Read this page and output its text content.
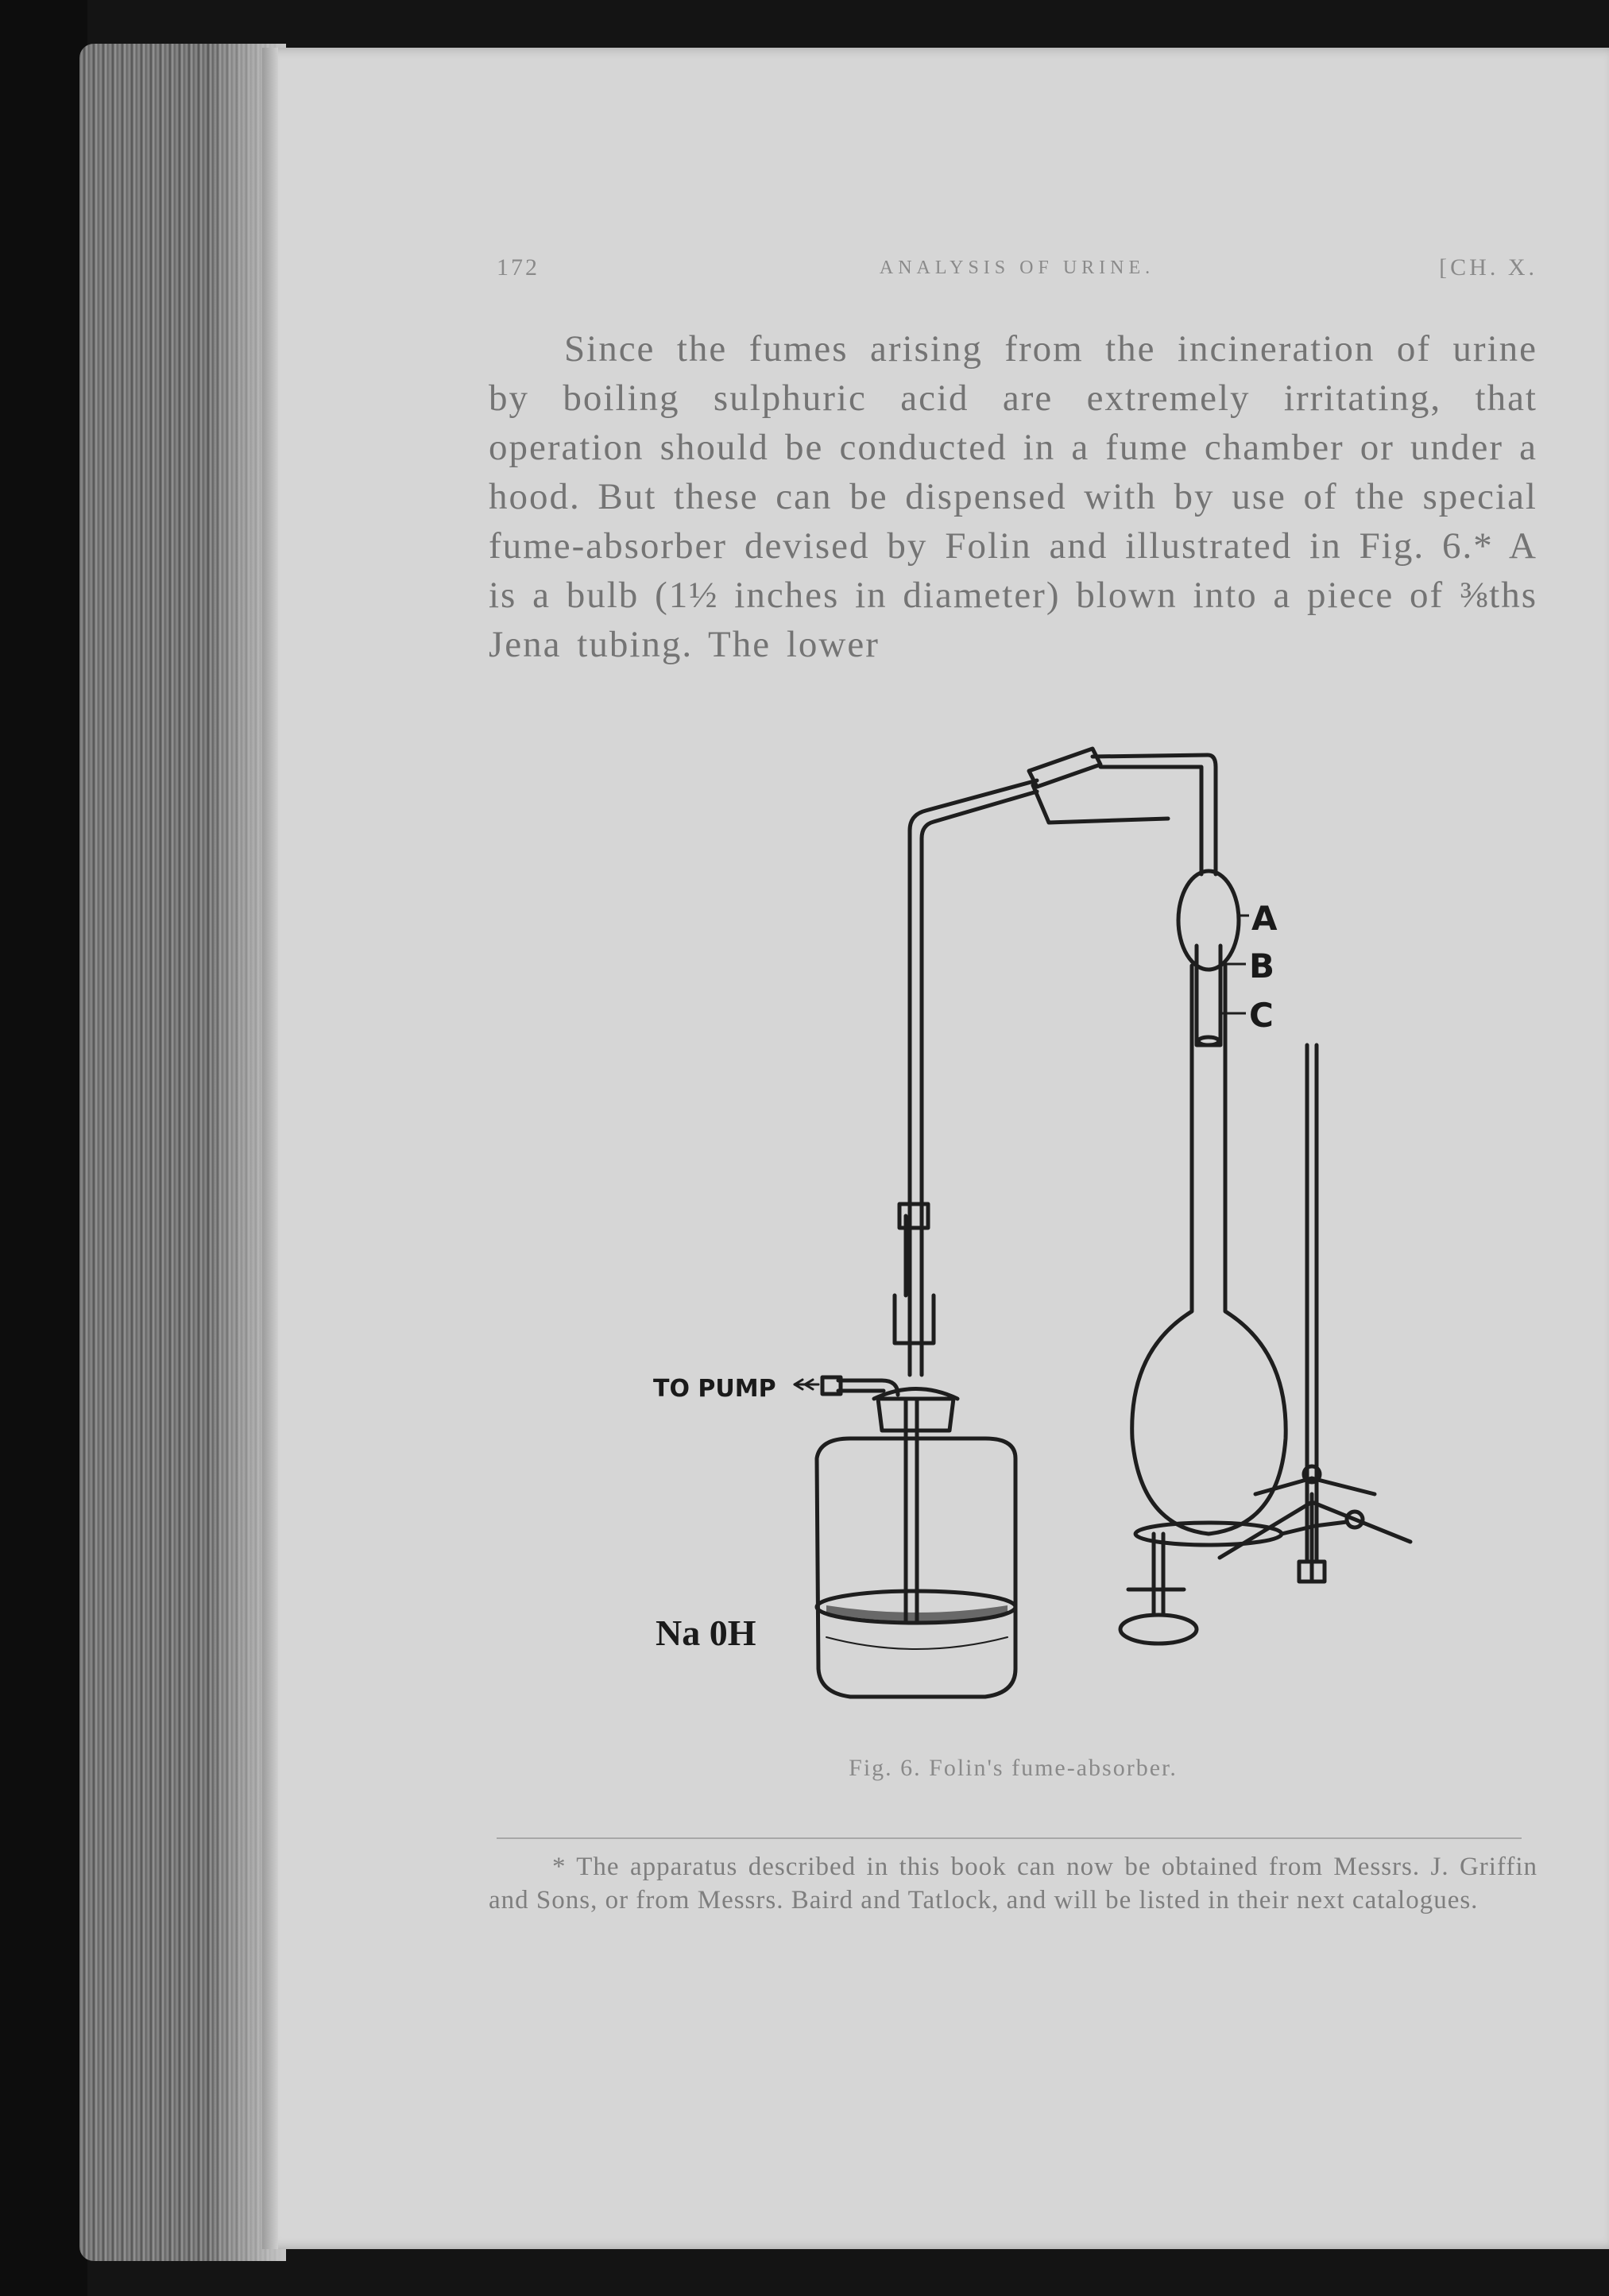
172	ANALYSIS OF URINE.	[CH. X.

Since the fumes arising from the incineration of urine by boiling sulphuric acid are extremely irritating, that operation should be conducted in a fume chamber or under a hood. But these can be dispensed with by use of the special fume-absorber devised by Folin and illustrated in Fig. 6.* A is a bulb (1½ inches in diameter) blown into a piece of ⅜ths Jena tubing. The lower

A
B
C
TO PUMP
Na 0H
Fig. 6. Folin's fume-absorber.

* The apparatus described in this book can now be obtained from Messrs. J. Griffin and Sons, or from Messrs. Baird and Tatlock, and will be listed in their next catalogues.
